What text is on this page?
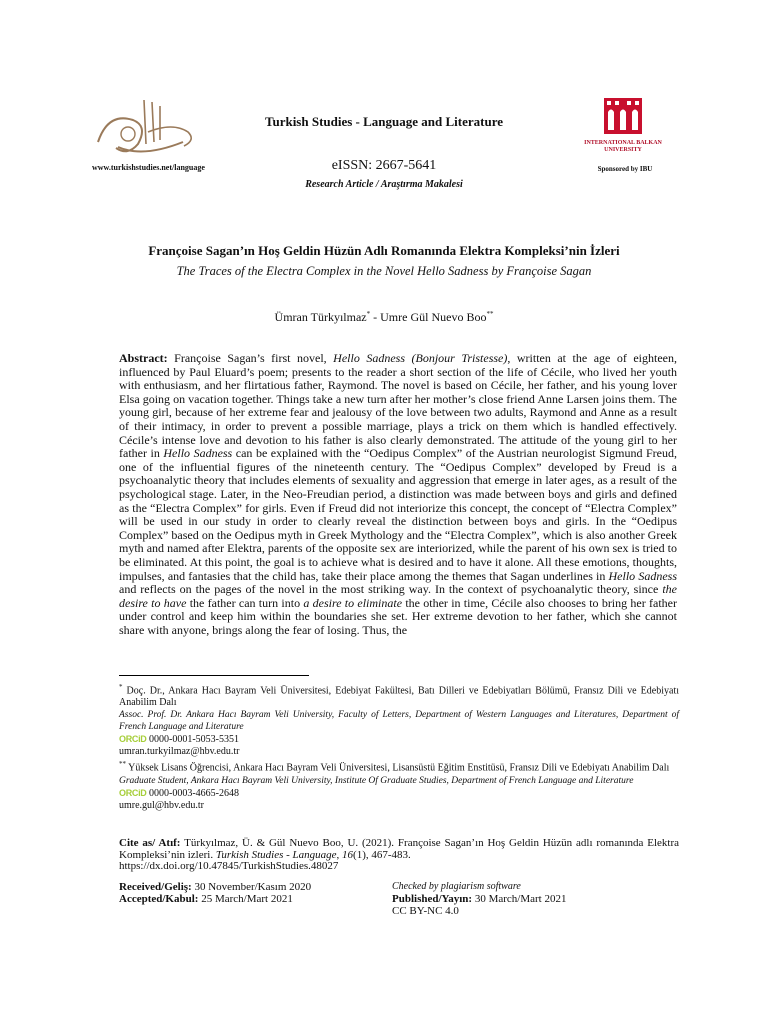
www.turkishstudies.net/language
Turkish Studies - Language and Literature
eISSN: 2667-5641
Research Article / Araştırma Makalesi
INTERNATIONAL BALKAN UNIVERSITY
Sponsored by IBU
Françoise Sagan’ın Hoş Geldin Hüzün Adlı Romanında Elektra Kompleksi’nin İzleri
The Traces of the Electra Complex in the Novel Hello Sadness by Françoise Sagan
Ümran Türkyılmaz* - Umre Gül Nuevo Boo**
Abstract: Françoise Sagan’s first novel, Hello Sadness (Bonjour Tristesse), written at the age of eighteen, influenced by Paul Eluard’s poem; presents to the reader a short section of the life of Cécile, who lived her youth with enthusiasm, and her flirtatious father, Raymond. The novel is based on Cécile, her father, and his young lover Elsa going on vacation together. Things take a new turn after her mother’s close friend Anne Larsen joins them. The young girl, because of her extreme fear and jealousy of the love between two adults, Raymond and Anne as a result of their intimacy, in order to prevent a possible marriage, plays a trick on them which is handled effectively. Cécile’s intense love and devotion to his father is also clearly demonstrated. The attitude of the young girl to her father in Hello Sadness can be explained with the “Oedipus Complex” of the Austrian neurologist Sigmund Freud, one of the influential figures of the nineteenth century. The “Oedipus Complex” developed by Freud is a psychoanalytic theory that includes elements of sexuality and aggression that emerge in later ages, as a result of the psychological stage. Later, in the Neo-Freudian period, a distinction was made between boys and girls and defined as the “Electra Complex” for girls. Even if Freud did not interiorize this concept, the concept of “Electra Complex” will be used in our study in order to clearly reveal the distinction between boys and girls. In the “Oedipus Complex” based on the Oedipus myth in Greek Mythology and the “Electra Complex”, which is also another Greek myth and named after Elektra, parents of the opposite sex are interiorized, while the parent of his own sex is tried to be eliminated. At this point, the goal is to achieve what is desired and to have it alone. All these emotions, thoughts, impulses, and fantasies that the child has, take their place among the themes that Sagan underlines in Hello Sadness and reflects on the pages of the novel in the most striking way. In the context of psychoanalytic theory, since the desire to have the father can turn into a desire to eliminate the other in time, Cécile also chooses to bring her father under control and keep him within the boundaries she set. Her extreme devotion to her father, which she cannot share with anyone, brings along the fear of losing. Thus, the
* Doç. Dr., Ankara Hacı Bayram Veli Üniversitesi, Edebiyat Fakültesi, Batı Dilleri ve Edebiyatları Bölümü, Fransız Dili ve Edebiyatı Anabilim Dalı
Assoc. Prof. Dr. Ankara Hacı Bayram Veli University, Faculty of Letters, Department of Western Languages and Literatures, Department of French Language and Literature
ORCiD 0000-0001-5053-5351
umran.turkyilmaz@hbv.edu.tr
** Yüksek Lisans Öğrencisi, Ankara Hacı Bayram Veli Üniversitesi, Lisansüstü Eğitim Enstitüsü, Fransız Dili ve Edebiyatı Anabilim Dalı
Graduate Student, Ankara Hacı Bayram Veli University, Institute Of Graduate Studies, Department of French Language and Literature
ORCiD 0000-0003-4665-2648
umre.gul@hbv.edu.tr
Cite as/ Atıf: Türkyılmaz, Ü. & Gül Nuevo Boo, U. (2021). Françoise Sagan’ın Hoş Geldin Hüzün adlı romanında Elektra Kompleksi’nin izleri. Turkish Studies - Language, 16(1), 467-483.
https://dx.doi.org/10.47845/TurkishStudies.48027
Received/Geliş: 30 November/Kasım 2020
Accepted/Kabul: 25 March/Mart 2021
Checked by plagiarism software
Published/Yayın: 30 March/Mart 2021
CC BY-NC 4.0
